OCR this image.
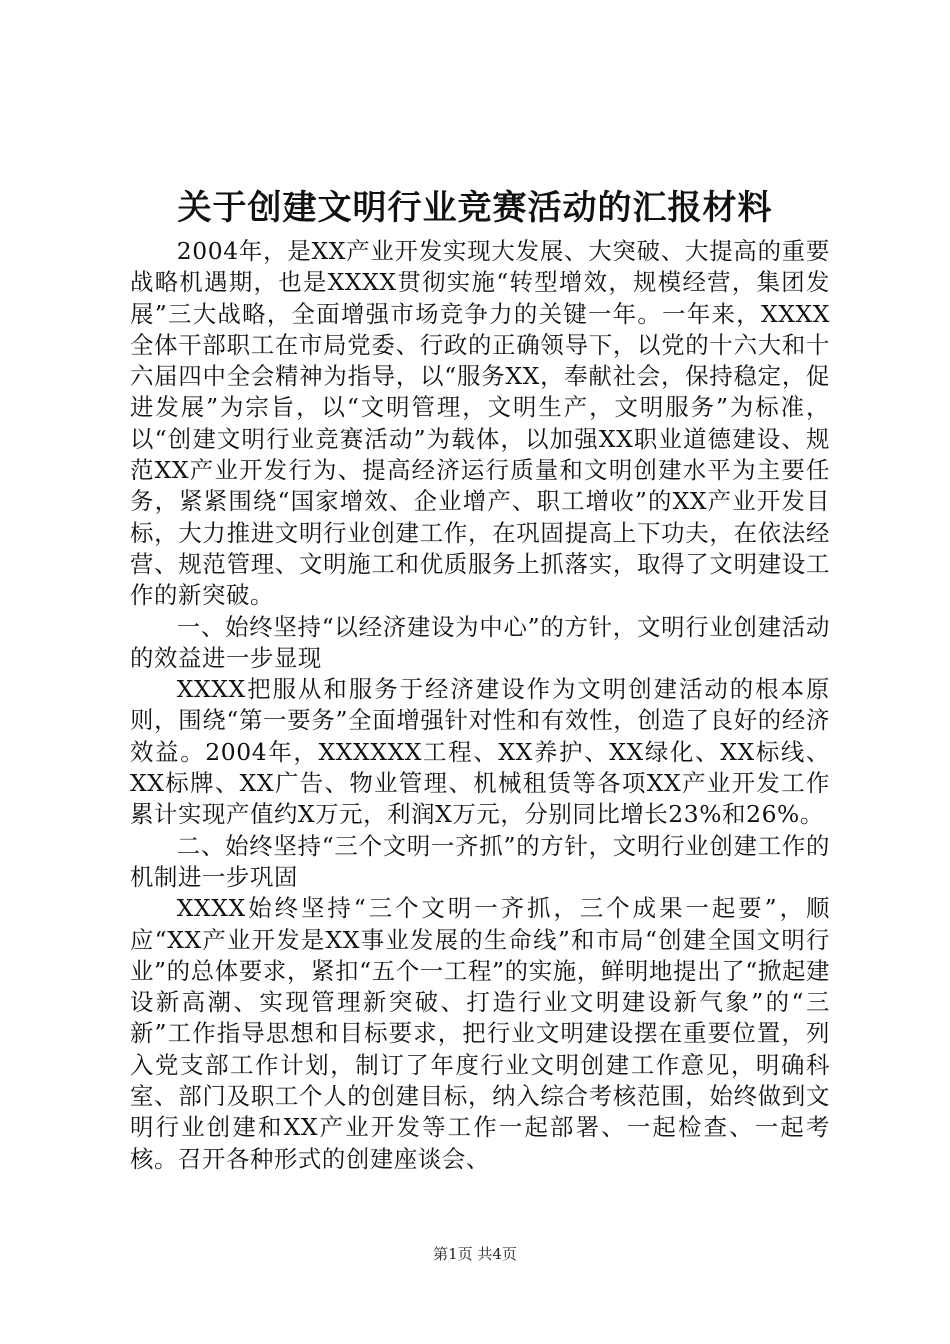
关于创建文明行业竞赛活动的汇报材料

2004年，是XX产业开发实现大发展、大突破、大提高的重要战略机遇期，也是XXXX贯彻实施“转型增效，规模经营，集团发展”三大战略，全面增强市场竞争力的关键一年。一年来，XXXX全体干部职工在市局党委、行政的正确领导下，以党的十六大和十六届四中全会精神为指导，以“服务XX，奉献社会，保持稳定，促进发展”为宗旨，以“文明管理，文明生产，文明服务”为标准，以“创建文明行业竞赛活动”为载体，以加强XX职业道德建设、规范XX产业开发行为、提高经济运行质量和文明创建水平为主要任务，紧紧围绕“国家增效、企业增产、职工增收”的XX产业开发目标，大力推进文明行业创建工作，在巩固提高上下功夫，在依法经营、规范管理、文明施工和优质服务上抓落实，取得了文明建设工作的新突破。

一、始终坚持“以经济建设为中心”的方针，文明行业创建活动的效益进一步显现

XXXX把服从和服务于经济建设作为文明创建活动的根本原则，围绕“第一要务”全面增强针对性和有效性，创造了良好的经济效益。2004年，XXXXXX工程、XX养护、XX绿化、XX标线、XX标牌、XX广告、物业管理、机械租赁等各项XX产业开发工作累计实现产值约X万元，利润X万元，分别同比增长23%和26%。

二、始终坚持“三个文明一齐抓”的方针，文明行业创建工作的机制进一步巩固

XXXX始终坚持“三个文明一齐抓，三个成果一起要”，顺应“XX产业开发是XX事业发展的生命线”和市局“创建全国文明行业”的总体要求，紧扣“五个一工程”的实施，鲜明地提出了“掀起建设新高潮、实现管理新突破、打造行业文明建设新气象”的“三新”工作指导思想和目标要求，把行业文明建设摆在重要位置，列入党支部工作计划，制订了年度行业文明创建工作意见，明确科室、部门及职工个人的创建目标，纳入综合考核范围，始终做到文明行业创建和XX产业开发等工作一起部署、一起检查、一起考核。召开各种形式的创建座谈会、

第1页 共4页
